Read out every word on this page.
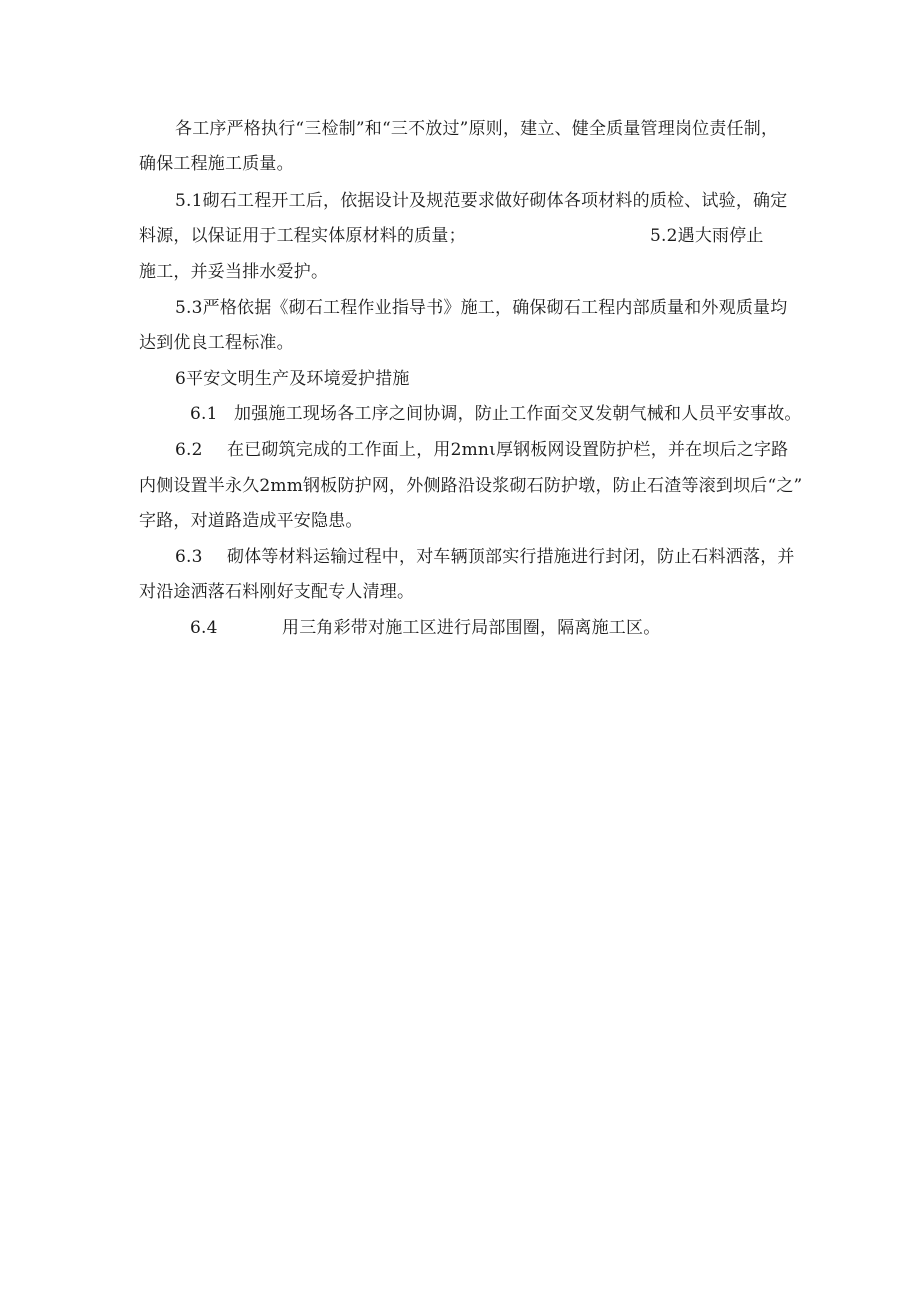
各工序严格执行“三检制”和“三不放过”原则，建立、健全质量管理岗位责任制，
确保工程施工质量。
5.1砌石工程开工后，依据设计及规范要求做好砌体各项材料的质检、试验，确定
料源，以保证用于工程实体原材料的质量；	5.2遇大雨停止
施工，并妥当排水爱护。
5.3严格依据《砌石工程作业指导书》施工，确保砌石工程内部质量和外观质量均
达到优良工程标准。
6平安文明生产及环境爱护措施
6.1 加强施工现场各工序之间协调，防止工作面交叉发朝气械和人员平安事故。
6.2 在已砌筑完成的工作面上，用2mnι厚钢板网设置防护栏，并在坝后之字路
内侧设置半永久2mm钢板防护网，外侧路沿设浆砌石防护墩，防止石渣等滚到坝后“之”
字路，对道路造成平安隐患。
6.3 砌体等材料运输过程中，对车辆顶部实行措施进行封闭，防止石料洒落，并
对沿途洒落石料刚好支配专人清理。
6.4	用三角彩带对施工区进行局部围圈，隔离施工区。
